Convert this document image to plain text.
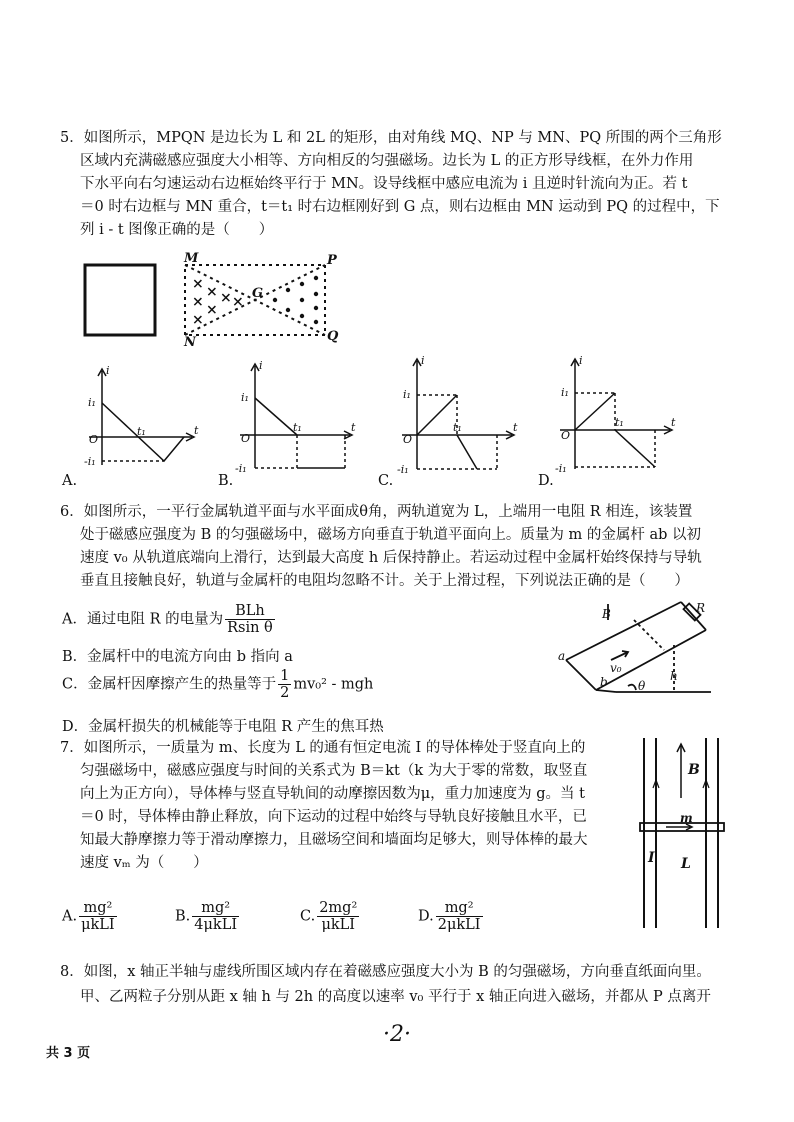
5．如图所示，MPQN 是边长为 L 和 2L 的矩形，由对角线 MQ、NP 与 MN、PQ 所围的两个三角形
区域内充满磁感应强度大小相等、方向相反的匀强磁场。边长为 L 的正方形导线框，在外力作用
下水平向右匀速运动右边框始终平行于 MN。设导线框中感应电流为 i 且逆时针流向为正。若 t
＝0 时右边框与 MN 重合，t＝t₁ 时右边框刚好到 G 点，则右边框由 MN 运动到 PQ 的过程中，下
列 i - t 图像正确的是（　　）
×
×
×
×
×
× ×
M	P
G
N	Q
i
t
O
i₁
-i₁
t₁
i
t
O
i₁
-i₁
t₁
i
t
O
i₁
-i₁
t₁
i
t
O
i₁
-i₁
t₁
A.	B.	C.	D.
6．如图所示，一平行金属轨道平面与水平面成θ角，两轨道宽为 L，上端用一电阻 R 相连，该装置
处于磁感应强度为 B 的匀强磁场中，磁场方向垂直于轨道平面向上。质量为 m 的金属杆 ab 以初
速度 v₀ 从轨道底端向上滑行，达到最大高度 h 后保持静止。若运动过程中金属杆始终保持与导轨
垂直且接触良好，轨道与金属杆的电阻均忽略不计。关于上滑过程，下列说法正确的是（　　）
A．通过电阻 R 的电量为 $\frac{\text{BLh}}{\text{Rsin θ}}$
B．金属杆中的电流方向由 b 指向 a
C．金属杆因摩擦产生的热量等于 $\frac{1}{2} mv_0^2$ - mgh
D．金属杆损失的机械能等于电阻 R 产生的焦耳热
B	R
a
b
v₀
h
θ
7．如图所示，一质量为 m、长度为 L 的通有恒定电流 I 的导体棒处于竖直向上的
匀强磁场中，磁感应强度与时间的关系式为 B＝kt（k 为大于零的常数，取竖直
向上为正方向），导体棒与竖直导轨间的动摩擦因数为μ，重力加速度为 g。当 t
＝0 时，导体棒由静止释放，向下运动的过程中始终与导轨良好接触且水平，已
知最大静摩擦力等于滑动摩擦力，且磁场空间和墙面均足够大，则导体棒的最大
速度 vₘ 为（　　）
B
m
I L
A. $\frac{\text{mg²}}{\text{μkLI}}$	B. $\frac{\text{mg²}}{\text{4μkLI}}$	C. $\frac{\text{2mg²}}{\text{μkLI}}$	D. $\frac{\text{mg²}}{\text{2μkLI}}$
8．如图，x 轴正半轴与虚线所围区域内存在着磁感应强度大小为 B 的匀强磁场，方向垂直纸面向里。
甲、乙两粒子分别从距 x 轴 h 与 2h 的高度以速率 v₀ 平行于 x 轴正向进入磁场，并都从 P 点离开
·2·
共 3 页
